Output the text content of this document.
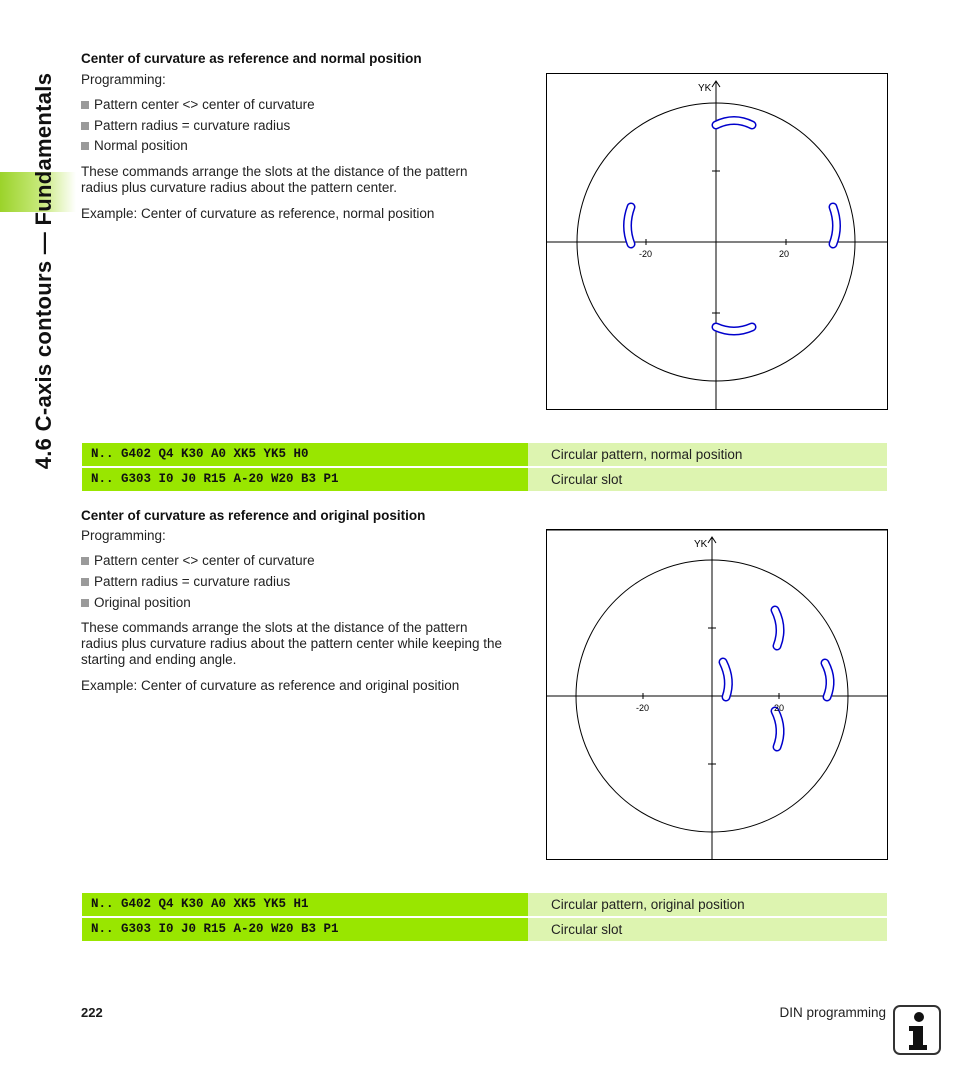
4.6 C-axis contours — Fundamentals
Center of curvature as reference and normal position
Programming:
Pattern center <> center of curvature
Pattern radius = curvature radius
Normal position
These commands arrange the slots at the distance of the pattern
radius plus curvature radius about the pattern center.
Example: Center of curvature as reference, normal position
YK
-20	20
N.. G402 Q4 K30 A0 XK5 YK5 H0	Circular pattern, normal position
N.. G303 I0 J0 R15 A-20 W20 B3 P1	Circular slot
Center of curvature as reference and original position
Programming:
Pattern center <> center of curvature
Pattern radius = curvature radius
Original position
These commands arrange the slots at the distance of the pattern
radius plus curvature radius about the pattern center while keeping the
starting and ending angle.
Example: Center of curvature as reference and original position
YK
-20	20
N.. G402 Q4 K30 A0 XK5 YK5 H1	Circular pattern, original position
N.. G303 I0 J0 R15 A-20 W20 B3 P1	Circular slot
222	DIN programming
